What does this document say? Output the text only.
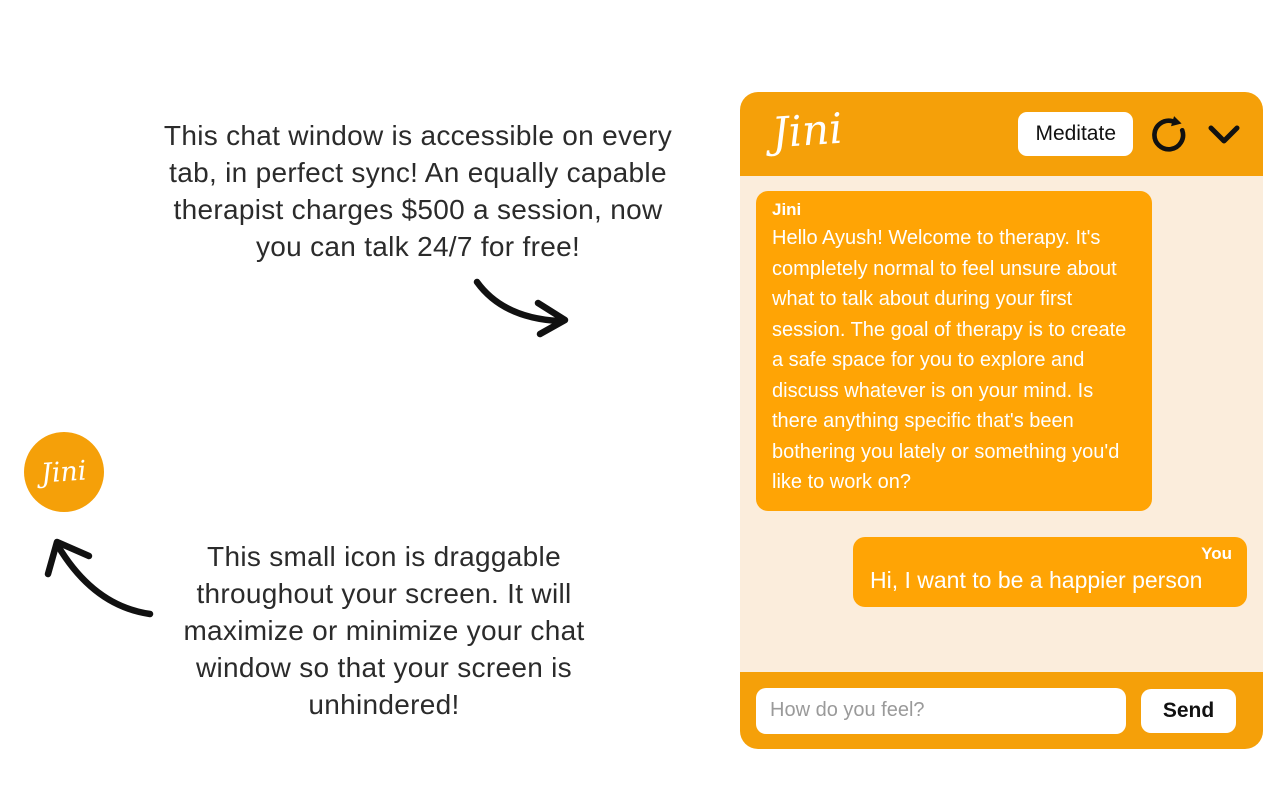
This chat window is accessible on every
tab, in perfect sync! An equally capable
therapist charges $500 a session, now
you can talk 24/7 for free!
Jini
This small icon is draggable
throughout your screen. It will
maximize or minimize your chat
window so that your screen is
unhindered!
Jini	Meditate
Jini
Hello Ayush! Welcome to therapy. It's completely normal to feel unsure about what to talk about during your first session. The goal of therapy is to create a safe space for you to explore and discuss whatever is on your mind. Is there anything specific that's been bothering you lately or something you'd like to work on?
You
Hi, I want to be a happier person
How do you feel?
Send
